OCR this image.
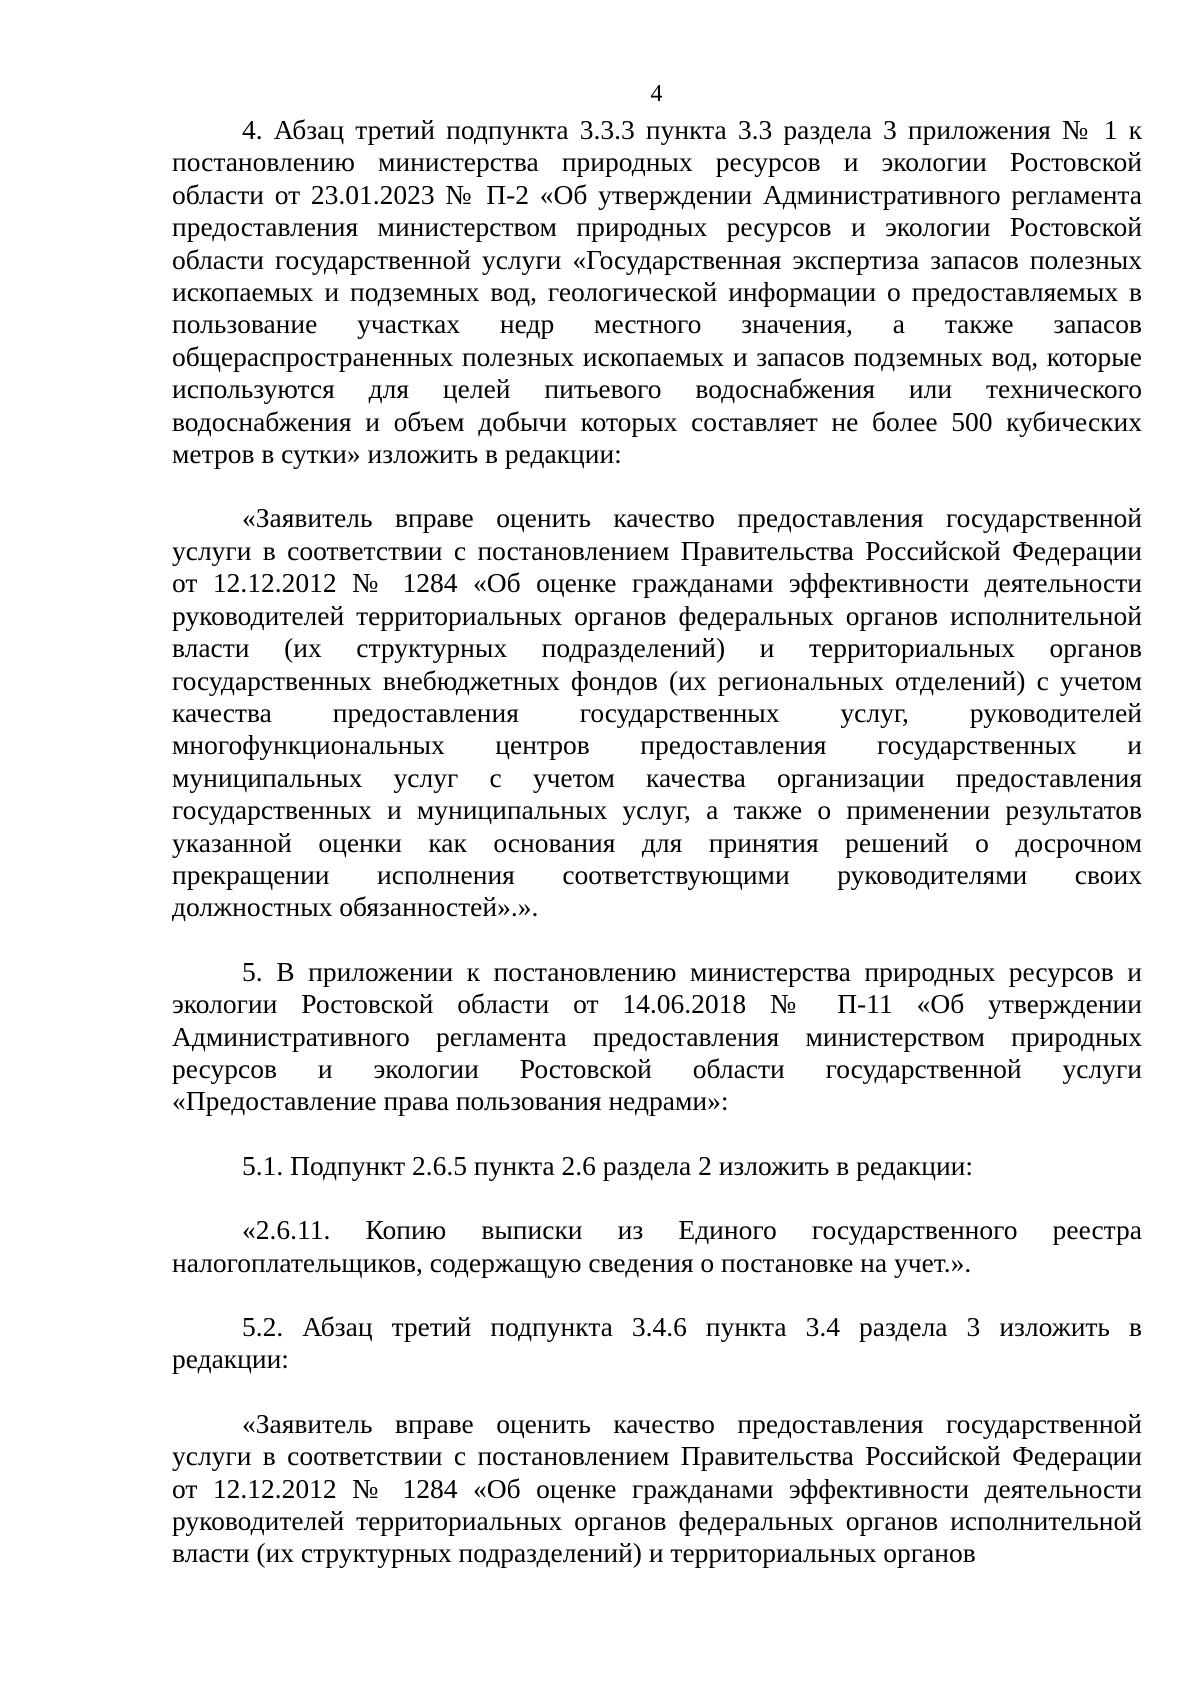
4

4. Абзац третий подпункта 3.3.3 пункта 3.3 раздела 3 приложения № 1 к постановлению министерства природных ресурсов и экологии Ростовской области от 23.01.2023 № П-2 «Об утверждении Административного регламента предоставления министерством природных ресурсов и экологии Ростовской области государственной услуги «Государственная экспертиза запасов полезных ископаемых и подземных вод, геологической информации о предоставляемых в пользование участках недр местного значения, а также запасов общераспространенных полезных ископаемых и запасов подземных вод, которые используются для целей питьевого водоснабжения или технического водоснабжения и объем добычи которых составляет не более 500 кубических метров в сутки» изложить в редакции:

«Заявитель вправе оценить качество предоставления государственной услуги в соответствии с постановлением Правительства Российской Федерации от 12.12.2012 № 1284 «Об оценке гражданами эффективности деятельности руководителей территориальных органов федеральных органов исполнительной власти (их структурных подразделений) и территориальных органов государственных внебюджетных фондов (их региональных отделений) с учетом качества предоставления государственных услуг, руководителей многофункциональных центров предоставления государственных и муниципальных услуг с учетом качества организации предоставления государственных и муниципальных услуг, а также о применении результатов указанной оценки как основания для принятия решений о досрочном прекращении исполнения соответствующими руководителями своих должностных обязанностей».».

5. В приложении к постановлению министерства природных ресурсов и экологии Ростовской области от 14.06.2018 № П-11 «Об утверждении Административного регламента предоставления министерством природных ресурсов и экологии Ростовской области государственной услуги «Предоставление права пользования недрами»:

5.1. Подпункт 2.6.5 пункта 2.6 раздела 2 изложить в редакции:

«2.6.11. Копию выписки из Единого государственного реестра налогоплательщиков, содержащую сведения о постановке на учет.».

5.2. Абзац третий подпункта 3.4.6 пункта 3.4 раздела 3 изложить в редакции:

«Заявитель вправе оценить качество предоставления государственной услуги в соответствии с постановлением Правительства Российской Федерации от 12.12.2012 № 1284 «Об оценке гражданами эффективности деятельности руководителей территориальных органов федеральных органов исполнительной власти (их структурных подразделений) и территориальных органов
